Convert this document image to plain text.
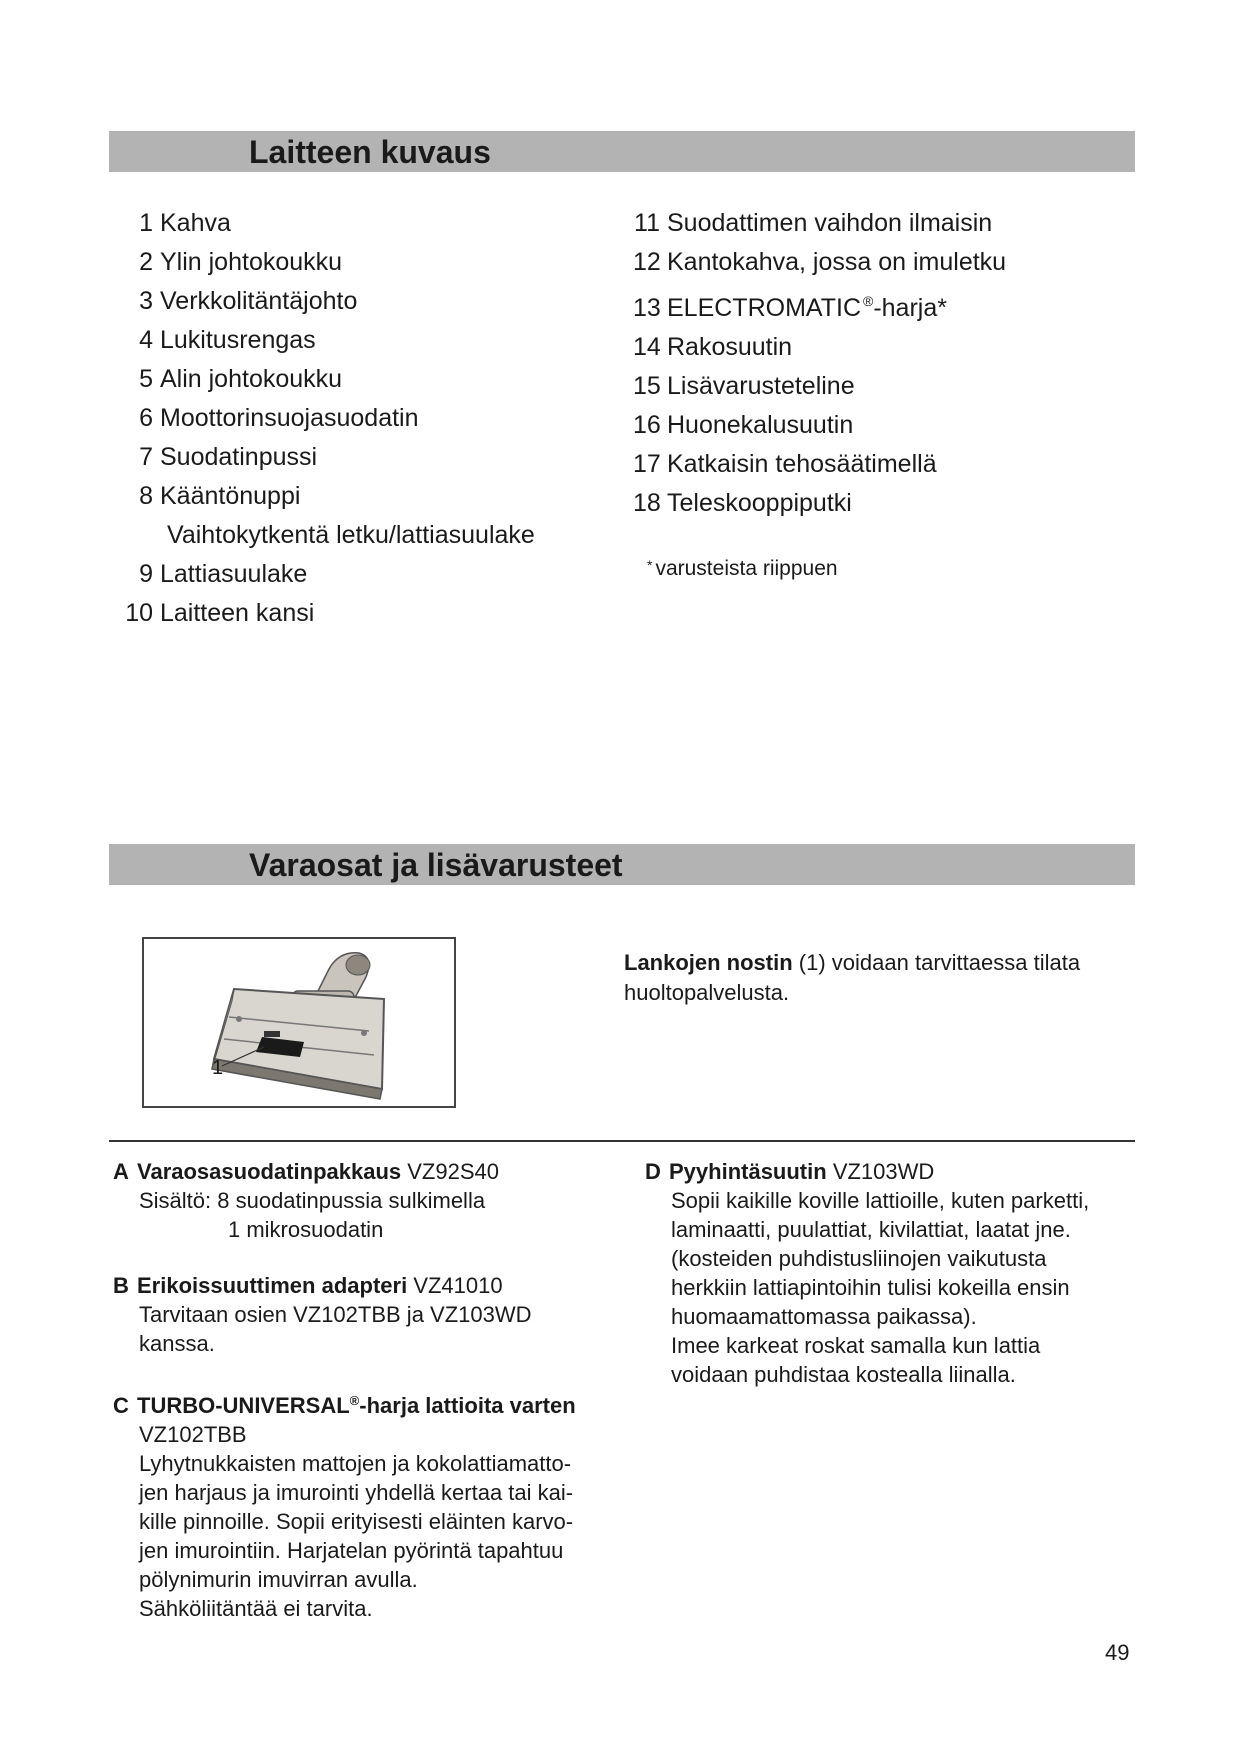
Laitteen kuvaus
1 Kahva
2 Ylin johtokoukku
3 Verkkolitäntäjohto
4 Lukitusrengas
5 Alin johtokoukku
6 Moottorinsuojasuodatin
7 Suodatinpussi
8 Kääntönuppi
Vaihtokytkentä letku/lattiasuulake
9 Lattiasuulake
10 Laitteen kansi
11 Suodattimen vaihdon ilmaisin
12 Kantokahva, jossa on imuletku
13 ELECTROMATIC ®-harja*
14 Rakosuutin
15 Lisävarusteteline
16 Huonekalusuutin
17 Katkaisin tehosäätimellä
18 Teleskooppiputki
* varusteista riippuen
Varaosat ja lisävarusteet
1

Lankojen nostin (1) voidaan tarvittaessa tilata huoltopalvelusta.

A Varaosasuodatinpakkaus VZ92S40
Sisältö: 8 suodatinpussia sulkimella
1 mikrosuodatin
B Erikoissuuttimen adapteri VZ41010
Tarvitaan osien VZ102TBB ja VZ103WD
kanssa.
C TURBO-UNIVERSAL®-harja lattioita varten
VZ102TBB
Lyhytnukkaisten mattojen ja kokolattiamatto-
jen harjaus ja imurointi yhdellä kertaa tai kai-
kille pinnoille. Sopii erityisesti eläinten karvo-
jen imurointiin. Harjatelan pyörintä tapahtuu
pölynimurin imuvirran avulla.
Sähköliitäntää ei tarvita.
D Pyyhintäsuutin VZ103WD
Sopii kaikille koville lattioille, kuten parketti,
laminaatti, puulattiat, kivilattiat, laatat jne.
(kosteiden puhdistusliinojen vaikutusta
herkkiin lattiapintoihin tulisi kokeilla ensin
huomaamattomassa paikassa).
Imee karkeat roskat samalla kun lattia
voidaan puhdistaa kostealla liinalla.
49
